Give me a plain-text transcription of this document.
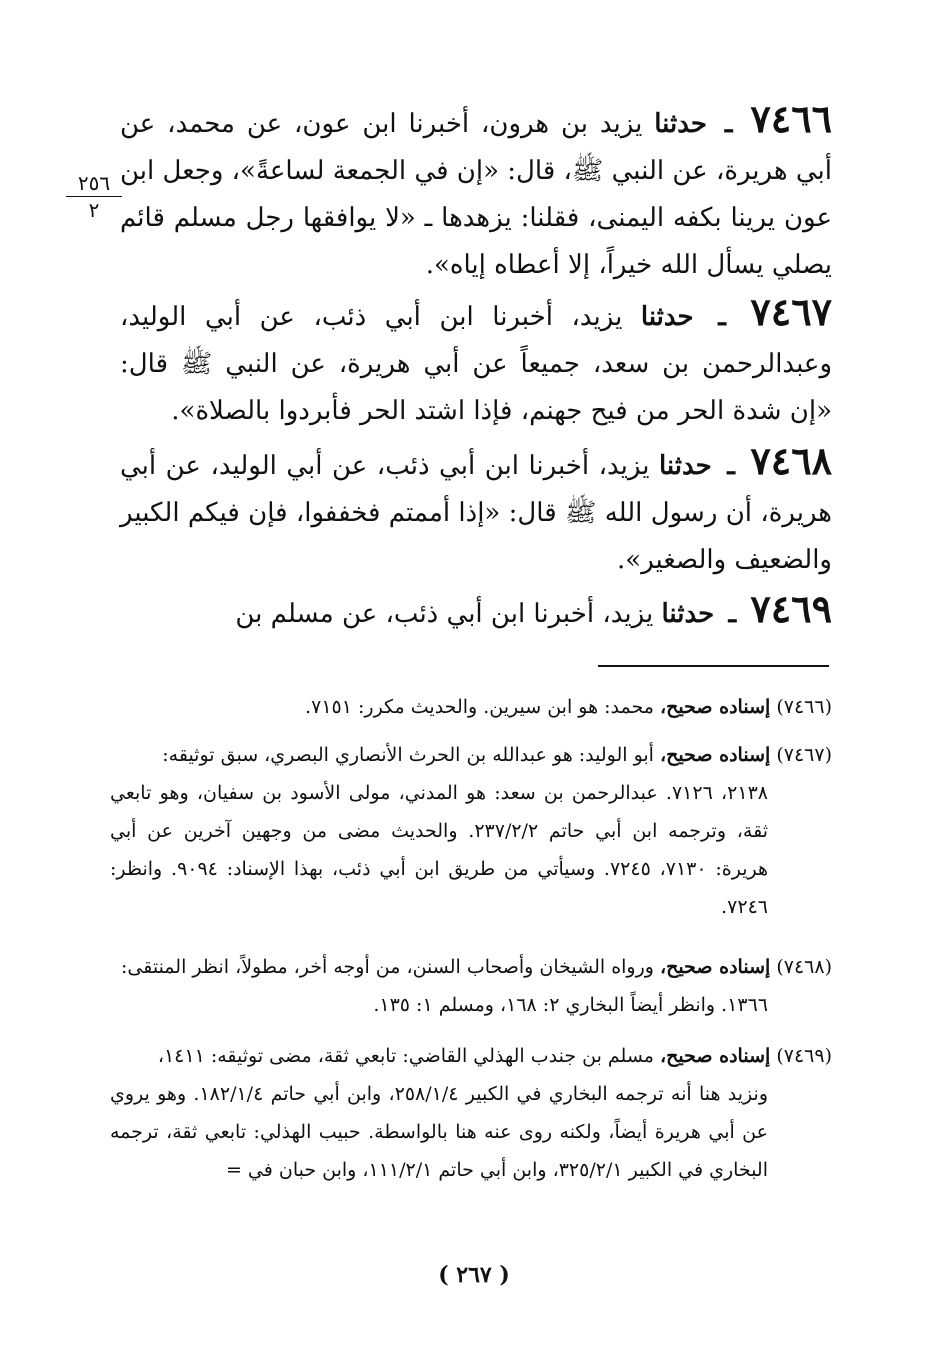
٢٥٦
٢
٧٤٦٦ ـ حدثنا يزيد بن هرون، أخبرنا ابن عون، عن محمد، عن أبي هريرة، عن النبي ﷺ، قال: «إن في الجمعة لساعةً»، وجعل ابن عون يرينا بكفه اليمنى، فقلنا: يزهدها ـ «لا يوافقها رجل مسلم قائم يصلي يسأل الله خيراً، إلا أعطاه إياه».
٧٤٦٧ ـ حدثنا يزيد، أخبرنا ابن أبي ذئب، عن أبي الوليد، وعبدالرحمن بن سعد، جميعاً عن أبي هريرة، عن النبي ﷺ قال: «إن شدة الحر من فيح جهنم، فإذا اشتد الحر فأبردوا بالصلاة».
٧٤٦٨ ـ حدثنا يزيد، أخبرنا ابن أبي ذئب، عن أبي الوليد، عن أبي هريرة، أن رسول الله ﷺ قال: «إذا أممتم فخففوا، فإن فيكم الكبير والضعيف والصغير».
٧٤٦٩ ـ حدثنا يزيد، أخبرنا ابن أبي ذئب، عن مسلم بن
(٧٤٦٦) إسناده صحيح، محمد: هو ابن سيرين. والحديث مكرر: ٧١٥١.
(٧٤٦٧) إسناده صحيح، أبو الوليد: هو عبدالله بن الحرث الأنصاري البصري، سبق توثيقه:
٢١٣٨، ٧١٢٦. عبدالرحمن بن سعد: هو المدني، مولى الأسود بن سفيان، وهو تابعي ثقة، وترجمه ابن أبي حاتم ٢٣٧/٢/٢. والحديث مضى من وجهين آخرين عن أبي هريرة: ٧١٣٠، ٧٢٤٥. وسيأتي من طريق ابن أبي ذئب، بهذا الإسناد: ٩٠٩٤. وانظر: ٧٢٤٦.
(٧٤٦٨) إسناده صحيح، ورواه الشيخان وأصحاب السنن، من أوجه أخر، مطولاً، انظر المنتقى:
١٣٦٦. وانظر أيضاً البخاري ٢: ١٦٨، ومسلم ١: ١٣٥.
(٧٤٦٩) إسناده صحيح، مسلم بن جندب الهذلي القاضي: تابعي ثقة، مضى توثيقه: ١٤١١،
ونزيد هنا أنه ترجمه البخاري في الكبير ٢٥٨/١/٤، وابن أبي حاتم ١٨٢/١/٤. وهو يروي عن أبي هريرة أيضاً، ولكنه روى عنه هنا بالواسطة. حبيب الهذلي: تابعي ثقة، ترجمه البخاري في الكبير ٣٢٥/٢/١، وابن أبي حاتم ١١١/٢/١، وابن حبان في =
( ٢٦٧ )
